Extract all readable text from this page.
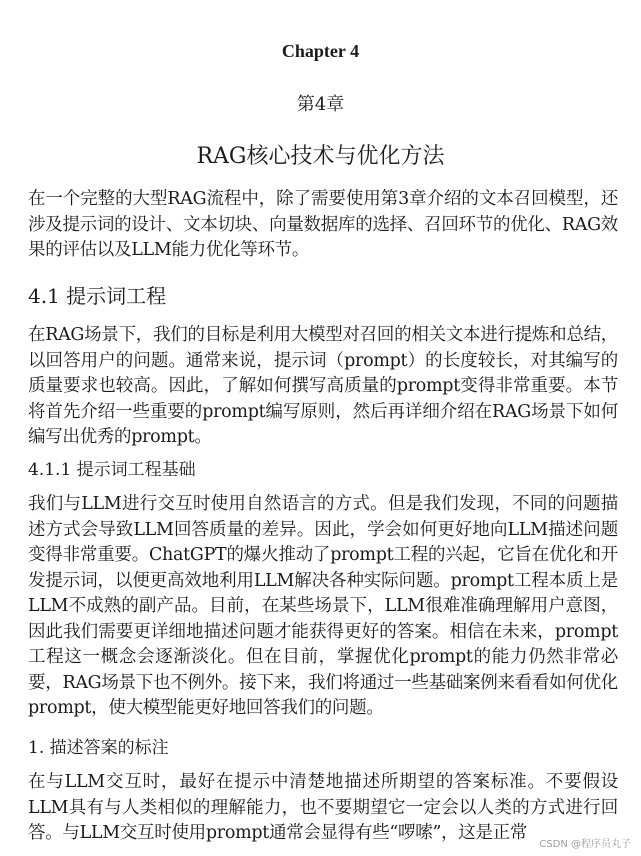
Chapter 4
第4章
RAG核心技术与优化方法

在一个完整的大型RAG流程中，除了需要使用第3章介绍的文本召回模型，还涉及提示词的设计、文本切块、向量数据库的选择、召回环节的优化、RAG效果的评估以及LLM能力优化等环节。

4.1 提示词工程

在RAG场景下，我们的目标是利用大模型对召回的相关文本进行提炼和总结，以回答用户的问题。通常来说，提示词（prompt）的长度较长，对其编写的质量要求也较高。因此，了解如何撰写高质量的prompt变得非常重要。本节将首先介绍一些重要的prompt编写原则，然后再详细介绍在RAG场景下如何编写出优秀的prompt。

4.1.1 提示词工程基础

我们与LLM进行交互时使用自然语言的方式。但是我们发现，不同的问题描述方式会导致LLM回答质量的差异。因此，学会如何更好地向LLM描述问题变得非常重要。ChatGPT的爆火推动了prompt工程的兴起，它旨在优化和开发提示词，以便更高效地利用LLM解决各种实际问题。prompt工程本质上是LLM不成熟的副产品。目前，在某些场景下，LLM很难准确理解用户意图，因此我们需要更详细地描述问题才能获得更好的答案。相信在未来，prompt工程这一概念会逐渐淡化。但在目前，掌握优化prompt的能力仍然非常必要，RAG场景下也不例外。接下来，我们将通过一些基础案例来看看如何优化prompt，使大模型能更好地回答我们的问题。

1. 描述答案的标注

在与LLM交互时，最好在提示中清楚地描述所期望的答案标准。不要假设LLM具有与人类相似的理解能力，也不要期望它一定会以人类的方式进行回答。与LLM交互时使用prompt通常会显得有些“啰嗦”，这是正常

CSDN @程序员丸子
